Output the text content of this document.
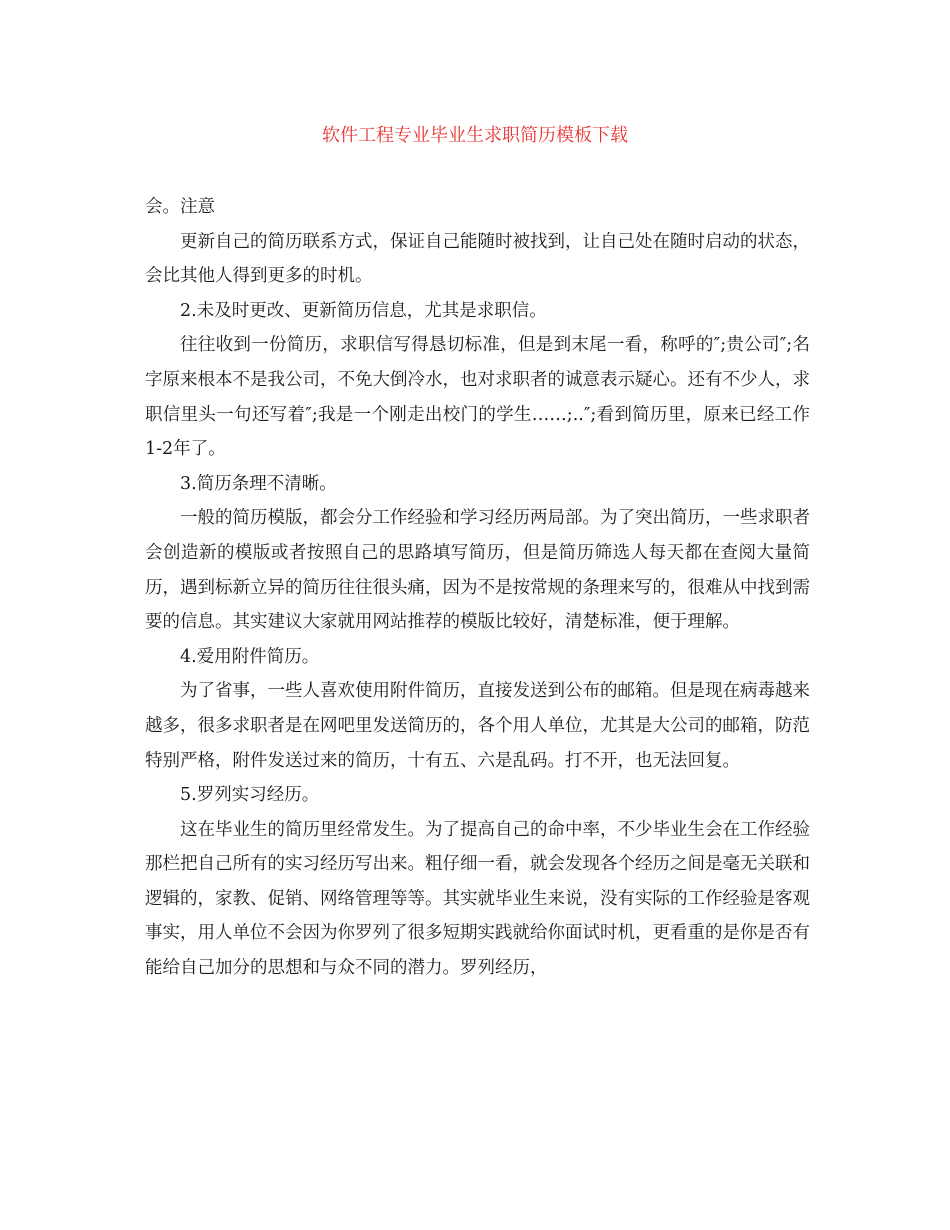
软件工程专业毕业生求职简历模板下载

会。注意

更新自己的简历联系方式，保证自己能随时被找到，让自己处在随时启动的状态，会比其他人得到更多的时机。

2.未及时更改、更新简历信息，尤其是求职信。

往往收到一份简历，求职信写得恳切标准，但是到末尾一看，称呼的″;贵公司″;名字原来根本不是我公司，不免大倒冷水，也对求职者的诚意表示疑心。还有不少人，求职信里头一句还写着″;我是一个刚走出校门的学生……;..″;看到简历里，原来已经工作1-2年了。

3.简历条理不清晰。

一般的简历模版，都会分工作经验和学习经历两局部。为了突出简历，一些求职者会创造新的模版或者按照自己的思路填写简历，但是简历筛选人每天都在查阅大量简历，遇到标新立异的简历往往很头痛，因为不是按常规的条理来写的，很难从中找到需要的信息。其实建议大家就用网站推荐的模版比较好，清楚标准，便于理解。

4.爱用附件简历。

为了省事，一些人喜欢使用附件简历，直接发送到公布的邮箱。但是现在病毒越来越多，很多求职者是在网吧里发送简历的，各个用人单位，尤其是大公司的邮箱，防范特别严格，附件发送过来的简历，十有五、六是乱码。打不开，也无法回复。

5.罗列实习经历。

这在毕业生的简历里经常发生。为了提高自己的命中率，不少毕业生会在工作经验那栏把自己所有的实习经历写出来。粗仔细一看，就会发现各个经历之间是毫无关联和逻辑的，家教、促销、网络管理等等。其实就毕业生来说，没有实际的工作经验是客观事实，用人单位不会因为你罗列了很多短期实践就给你面试时机，更看重的是你是否有能给自己加分的思想和与众不同的潜力。罗列经历，
